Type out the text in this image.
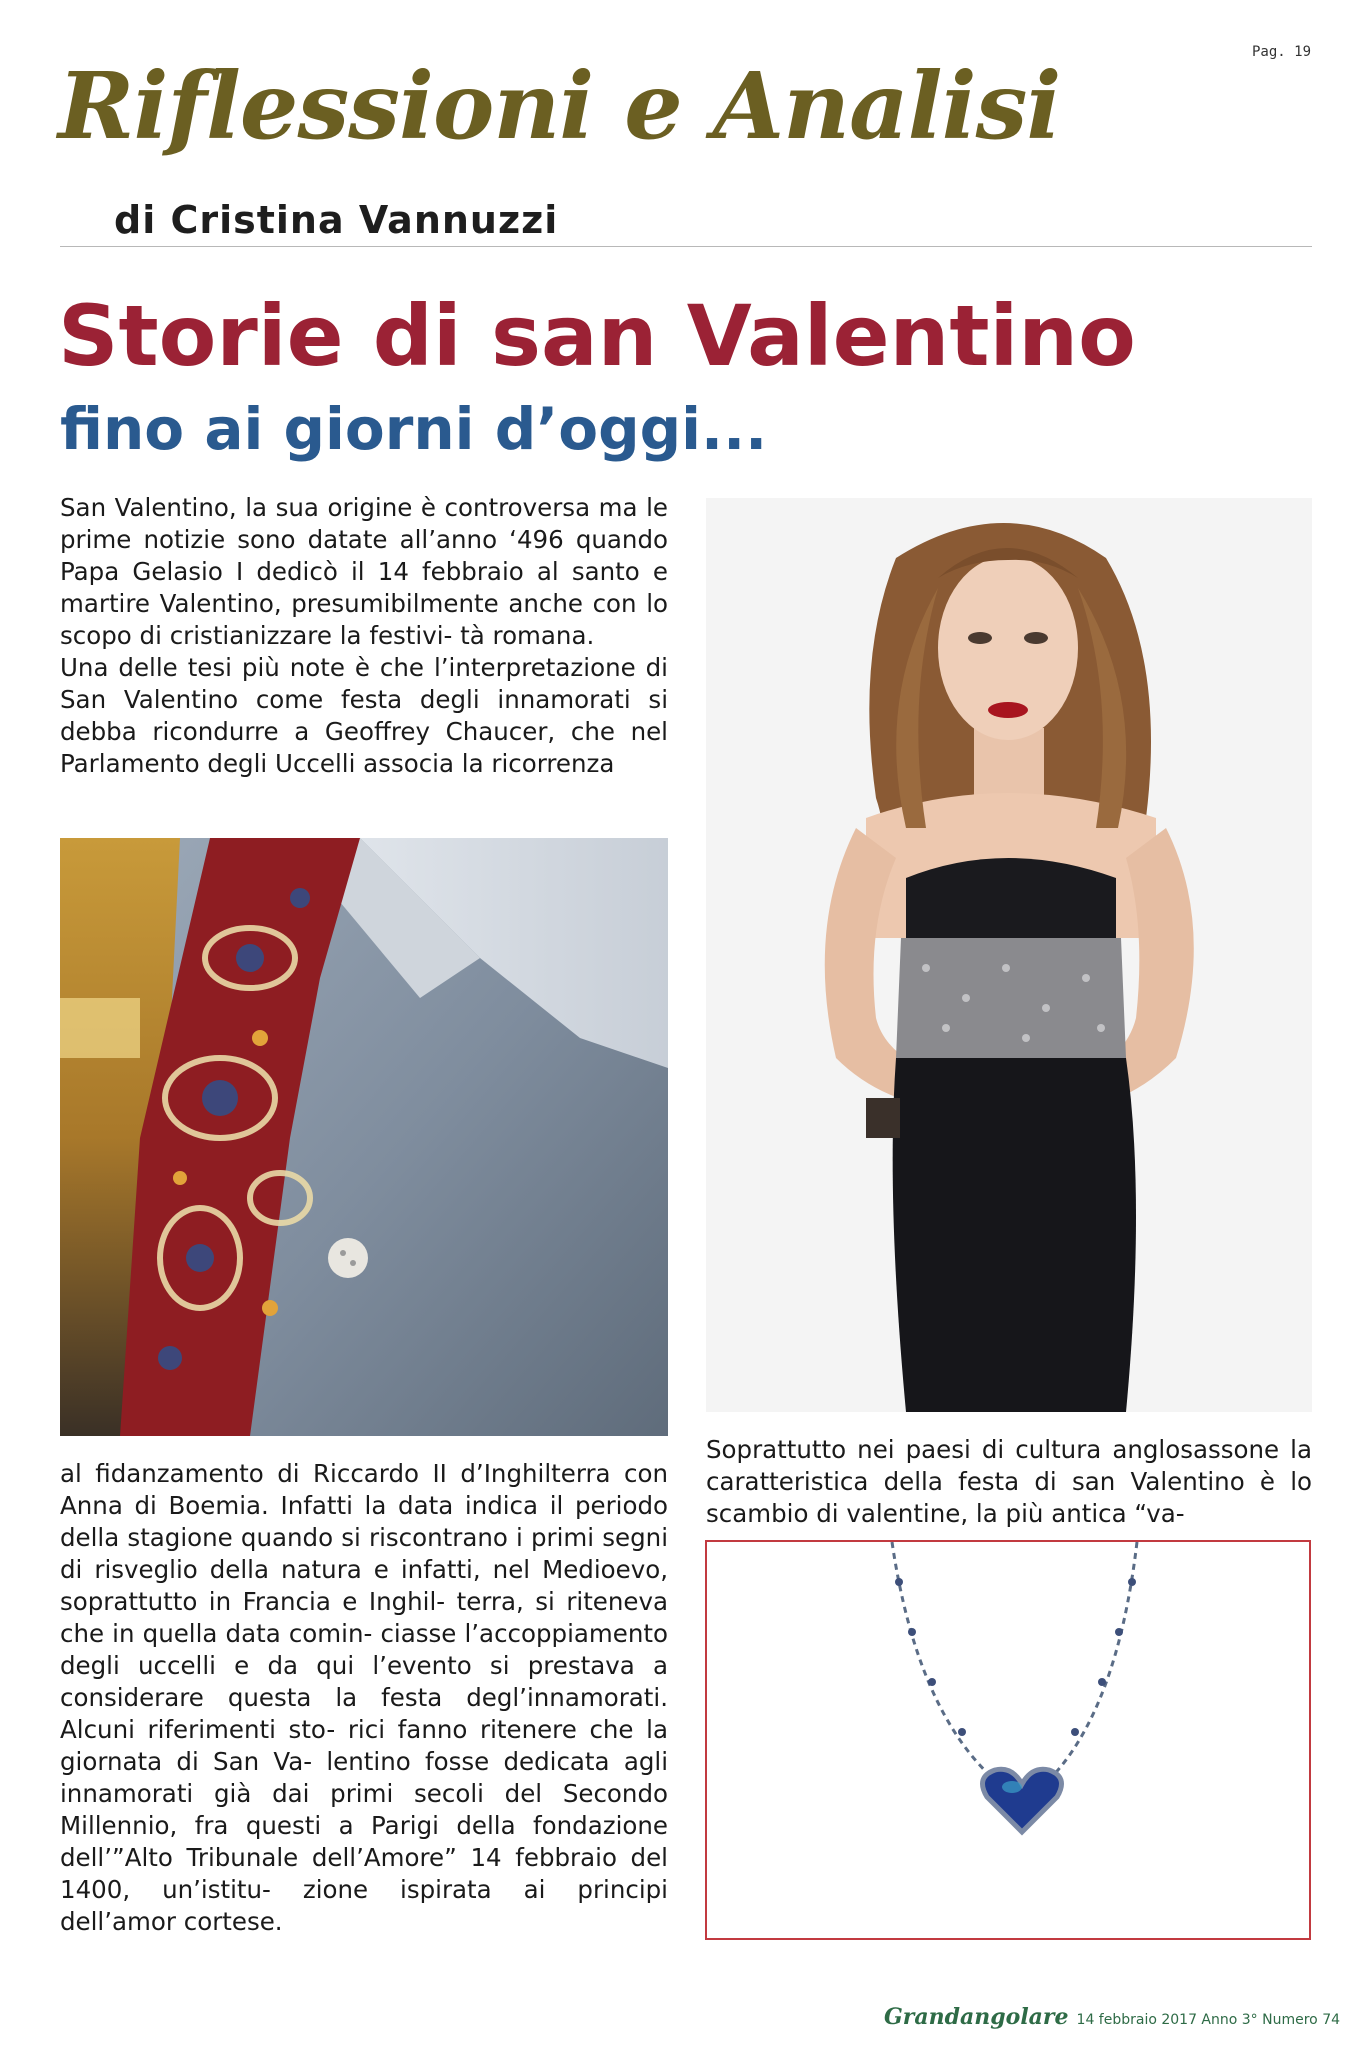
Pag. 19
Riflessioni e Analisi
di Cristina Vannuzzi
Storie di san Valentino
fino ai giorni d’oggi...

San Valentino, la sua origine è controversa ma le prime notizie sono datate all’anno ‘496 quando Papa Gelasio I dedicò il 14 febbraio al santo e martire Valentino, presumibilmente anche con lo scopo di cristianizzare la festivi- tà romana.

Una delle tesi più note è che l’interpretazione di San Valentino come festa degli innamorati si debba ricondurre a Geoffrey Chaucer, che nel Parlamento degli Uccelli associa la ricorrenza

al fidanzamento di Riccardo II d’Inghilterra con Anna di Boemia. Infatti la data indica il periodo della stagione quando si riscontrano i primi segni di risveglio della natura e infatti, nel Medioevo, soprattutto in Francia e Inghil- terra, si riteneva che in quella data comin- ciasse l’accoppiamento degli uccelli e da qui l’evento si prestava a considerare questa la festa degl’innamorati. Alcuni riferimenti sto- rici fanno ritenere che la giornata di San Va- lentino fosse dedicata agli innamorati già dai primi secoli del Secondo Millennio, fra questi a Parigi della fondazione dell’”Alto Tribunale dell’Amore” 14 febbraio del 1400, un’istitu- zione ispirata ai principi dell’amor cortese.
Soprattutto nei paesi di cultura anglosassone la caratteristica della festa di san Valentino è lo scambio di valentine, la più antica “va-
Grandangolare 14 febbraio 2017 Anno 3° Numero 74
